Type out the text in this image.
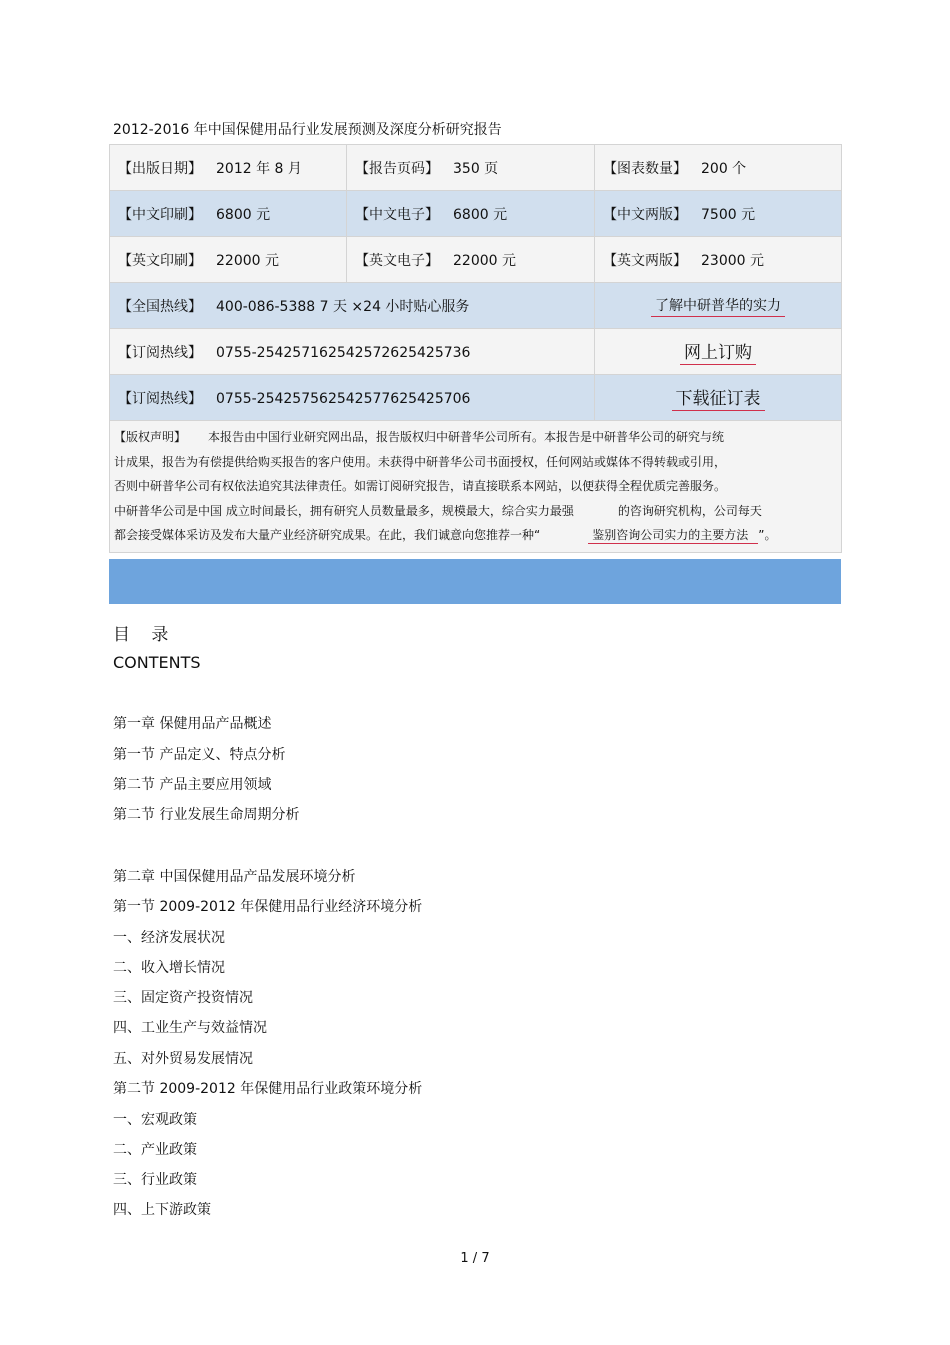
2012-2016 年中国保健用品行业发展预测及深度分析研究报告
【出版日期】 2012 年 8 月	【报告页码】 350 页	【图表数量】 200 个
【中文印刷】 6800 元	【中文电子】 6800 元	【中文两版】 7500 元
【英文印刷】 22000 元	【英文电子】 22000 元	【英文两版】 23000 元
【全国热线】 400-086-5388 7 天 ×24 小时贴心服务		了解中研普华的实力
【订阅热线】 0755-254257162542572625425736		网上订购
【订阅热线】 0755-254257562542577625425706		下载征订表

【版权声明】 本报告由中国行业研究网出品，报告版权归中研普华公司所有。本报告是中研普华公司的研究与统
计成果，报告为有偿提供给购买报告的客户使用。未获得中研普华公司书面授权，任何网站或媒体不得转载或引用，
否则中研普华公司有权依法追究其法律责任。如需订阅研究报告，请直接联系本网站，以便获得全程优质完善服务。
中研普华公司是中国 成立时间最长，拥有研究人员数量最多，规模最大，综合实力最强 的咨询研究机构，公司每天
都会接受媒体采访及发布大量产业经济研究成果。在此，我们诚意向您推荐一种“ 鉴别咨询公司实力的主要方法 ”。		
目 录
CONTENTS
第一章 保健用品产品概述
第一节 产品定义、特点分析
第二节 产品主要应用领域
第二节 行业发展生命周期分析
第二章 中国保健用品产品发展环境分析
第一节 2009-2012 年保健用品行业经济环境分析
一、经济发展状况
二、收入增长情况
三、固定资产投资情况
四、工业生产与效益情况
五、对外贸易发展情况
第二节 2009-2012 年保健用品行业政策环境分析
一、宏观政策
二、产业政策
三、行业政策
四、上下游政策
1 / 7
